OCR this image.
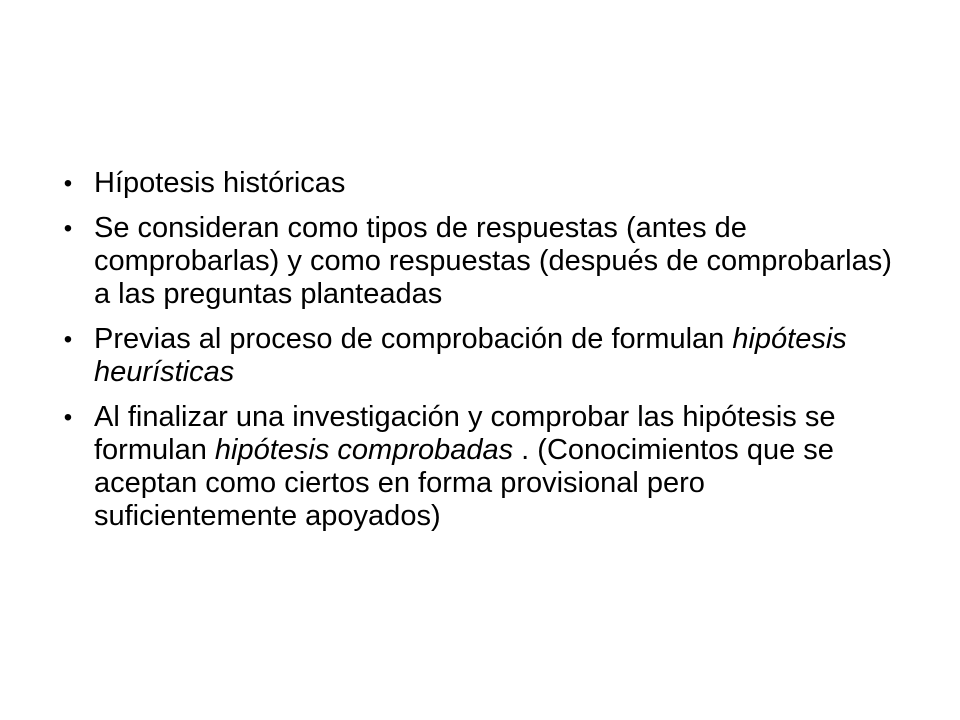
• Hípotesis históricas
• Se consideran como tipos de respuestas (antes de comprobarlas) y como respuestas (después de comprobarlas) a las preguntas planteadas
• Previas al proceso de comprobación de formulan hipótesis heurísticas
• Al finalizar una investigación y comprobar las hipótesis se formulan hipótesis comprobadas . (Conocimientos que se aceptan como ciertos en forma provisional pero suficientemente apoyados)
